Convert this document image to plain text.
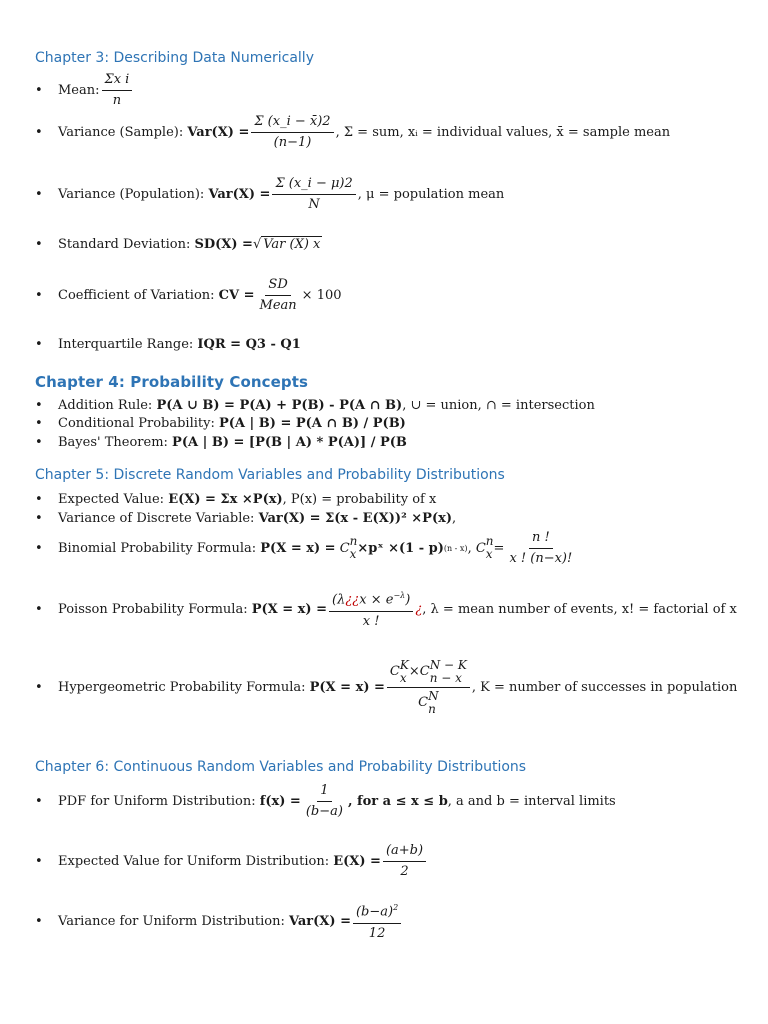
Chapter 3: Describing Data Numerically
•
Mean: $\frac{\text{Σx i}}{n}$
•
Variance (Sample):
$Var(X) = \frac{\Sigma (x\_i - x̄)2}{(n-1)}$ , Σ = sum, xᵢ = individual values, x̄ = sample mean
•
Variance (Population):
$Var(X) = \frac{\Sigma (x\_i - \mu)2}{N}$ , μ = population mean
•
Standard Deviation:
SD(X) = √ Var (X) x
•
Coefficient of Variation:
CV = $\frac{SD}{\text{Mean}} \times 100$
•
Interquartile Range:
IQR = Q3 - Q1
Chapter 4: Probability Concepts
•
Addition Rule:
P(A ∪ B) = P(A) + P(B) - P(A ∩ B) , ∪ = union, ∩ = intersection
•
Conditional Probability:
P(A | B) = P(A ∩ B) / P(B)
•
Bayes' Theorem:
P(A | B) = [P(B | A) * P(A)] / P(B
Chapter 5: Discrete Random Variables and Probability Distributions
•
Expected Value:
E(X) = Σx ×P(x) , P(x) = probability of x
•
Variance of Discrete Variable:
Var(X) = Σ(x - E(X))² ×P(x) ,
•
Binomial Probability Formula:
P(X = x) =
C n
x ×pˣ × (1 - p) (n - x) , C n
$x = \frac{n !}{x ! (n-x)!}$
•
Poisson Probability Formula:
$P(X = x) = \frac{(\lambda¿¿x \times e^{-\lambda})}{x !}$ ¿ , λ = mean number of events, x! = factorial of x
•
Hypergeometric Probability Formula:
P(X = x) =
C K
x × C N − K
n − x
C N
n
, K = number of successes in population
Chapter 6: Continuous Random Variables and Probability Distributions
•
PDF for Uniform Distribution:
$f(x) = \frac{1}{(b-a)}$ , for a ≤ x ≤ b , a and b = interval limits
•
Expected Value for Uniform Distribution:
$E(X) = \frac{(a+b)}{2}$
•
Variance for Uniform Distribution:
$Var(X) = \frac{(b-a)^2}{12}$
